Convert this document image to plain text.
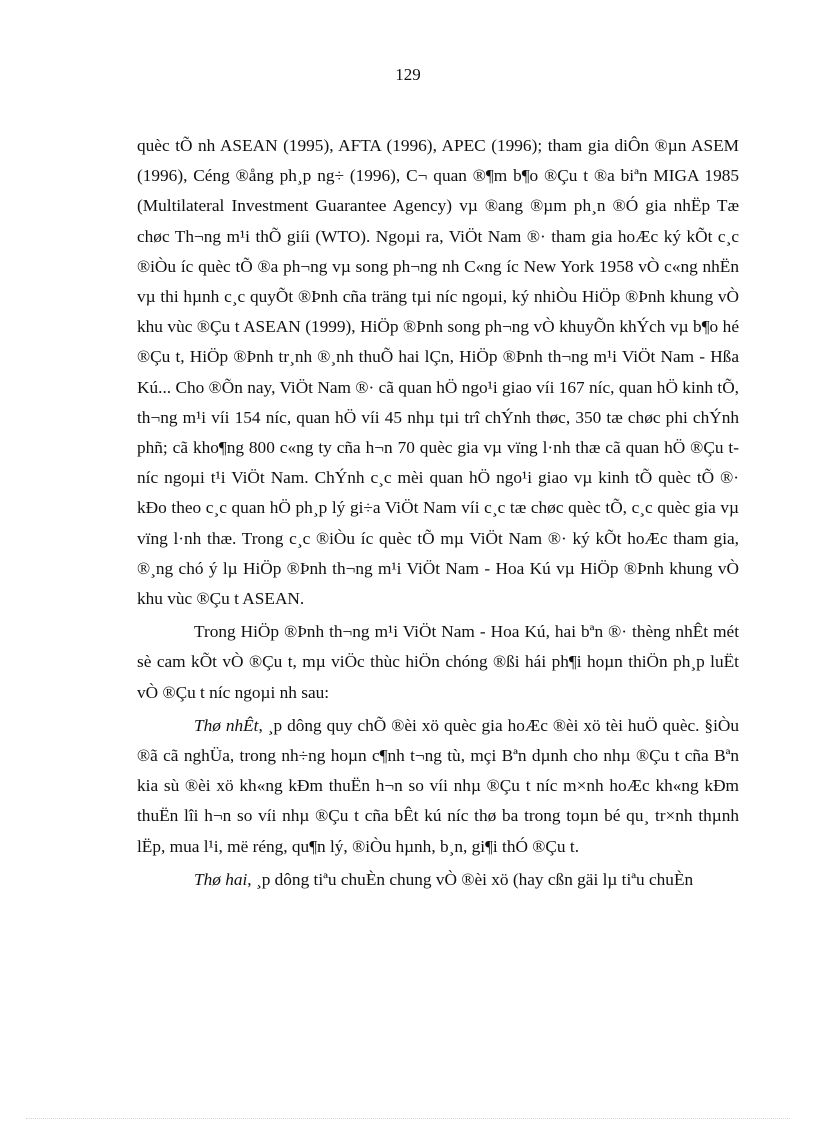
129

quèc tÕ nh ASEAN (1995), AFTA (1996), APEC (1996); tham gia diÔn ®µn ASEM (1996), Céng ®ång ph¸p ng÷ (1996), C¬ quan ®¶m b¶o ®Çu t ®a biªn MIGA 1985 (Multilateral Investment Guarantee Agency) vµ ®ang ®µm ph¸n ®Ó gia nhËp Tæ chøc Th¬ng m¹i thÕ giíi (WTO). Ngoµi ra, ViÖt Nam ®· tham gia hoÆc ký kÕt c¸c ®iÒu íc quèc tÕ ®a ph¬ng vµ song ph¬ng nh C«ng íc New York 1958 vÒ c«ng nhËn vµ thi hµnh c¸c quyÕt ®Þnh cña träng tµi níc ngoµi, ký nhiÒu HiÖp ®Þnh khung vÒ khu vùc ®Çu t ASEAN (1999), HiÖp ®Þnh song ph¬ng vÒ khuyÕn khÝch vµ b¶o hé ®Çu t, HiÖp ®Þnh tr¸nh ®¸nh thuÕ hai lÇn, HiÖp ®Þnh th¬ng m¹i ViÖt Nam - Hßa Kú... Cho ®Õn nay, ViÖt Nam ®· cã quan hÖ ngo¹i giao víi 167 níc, quan hÖ kinh tÕ, th¬ng m¹i víi 154 níc, quan hÖ víi 45 nhµ tµi trî chÝnh thøc, 350 tæ chøc phi chÝnh phñ; cã kho¶ng 800 c«ng ty cña h¬n 70 quèc gia vµ vïng l·nh thæ cã quan hÖ ®Çu t níc ngoµi t¹i ViÖt Nam. ChÝnh c¸c mèi quan hÖ ngo¹i giao vµ kinh tÕ quèc tÕ ®· kÐo theo c¸c quan hÖ ph¸p lý gi÷a ViÖt Nam víi c¸c tæ chøc quèc tÕ, c¸c quèc gia vµ vïng l·nh thæ. Trong c¸c ®iÒu íc quèc tÕ mµ ViÖt Nam ®· ký kÕt hoÆc tham gia, ®¸ng chó ý lµ HiÖp ®Þnh th¬ng m¹i ViÖt Nam - Hoa Kú vµ HiÖp ®Þnh khung vÒ khu vùc ®Çu t ASEAN.

Trong HiÖp ®Þnh th¬ng m¹i ViÖt Nam - Hoa Kú, hai bªn ®· thèng nhÊt mét sè cam kÕt vÒ ®Çu t, mµ viÖc thùc hiÖn chóng ®ßi hái ph¶i hoµn thiÖn ph¸p luËt vÒ ®Çu t níc ngoµi nh sau:

Thø nhÊt, ¸p dông quy chÕ ®èi xö quèc gia hoÆc ®èi xö tèi huÖ quèc. §iÒu ®ã cã nghÜa, trong nh÷ng hoµn c¶nh t¬ng tù, mçi Bªn dµnh cho nhµ ®Çu t cña Bªn kia sù ®èi xö kh«ng kÐm thuËn h¬n so víi nhµ ®Çu t níc m×nh hoÆc kh«ng kÐm thuËn lîi h¬n so víi nhµ ®Çu t cña bÊt kú níc thø ba trong toµn bé qu¸ tr×nh thµnh lËp, mua l¹i, më réng, qu¶n lý, ®iÒu hµnh, b¸n, gi¶i thÓ ®Çu t.

Thø hai, ¸p dông tiªu chuÈn chung vÒ ®èi xö (hay cßn gäi lµ tiªu chuÈn
